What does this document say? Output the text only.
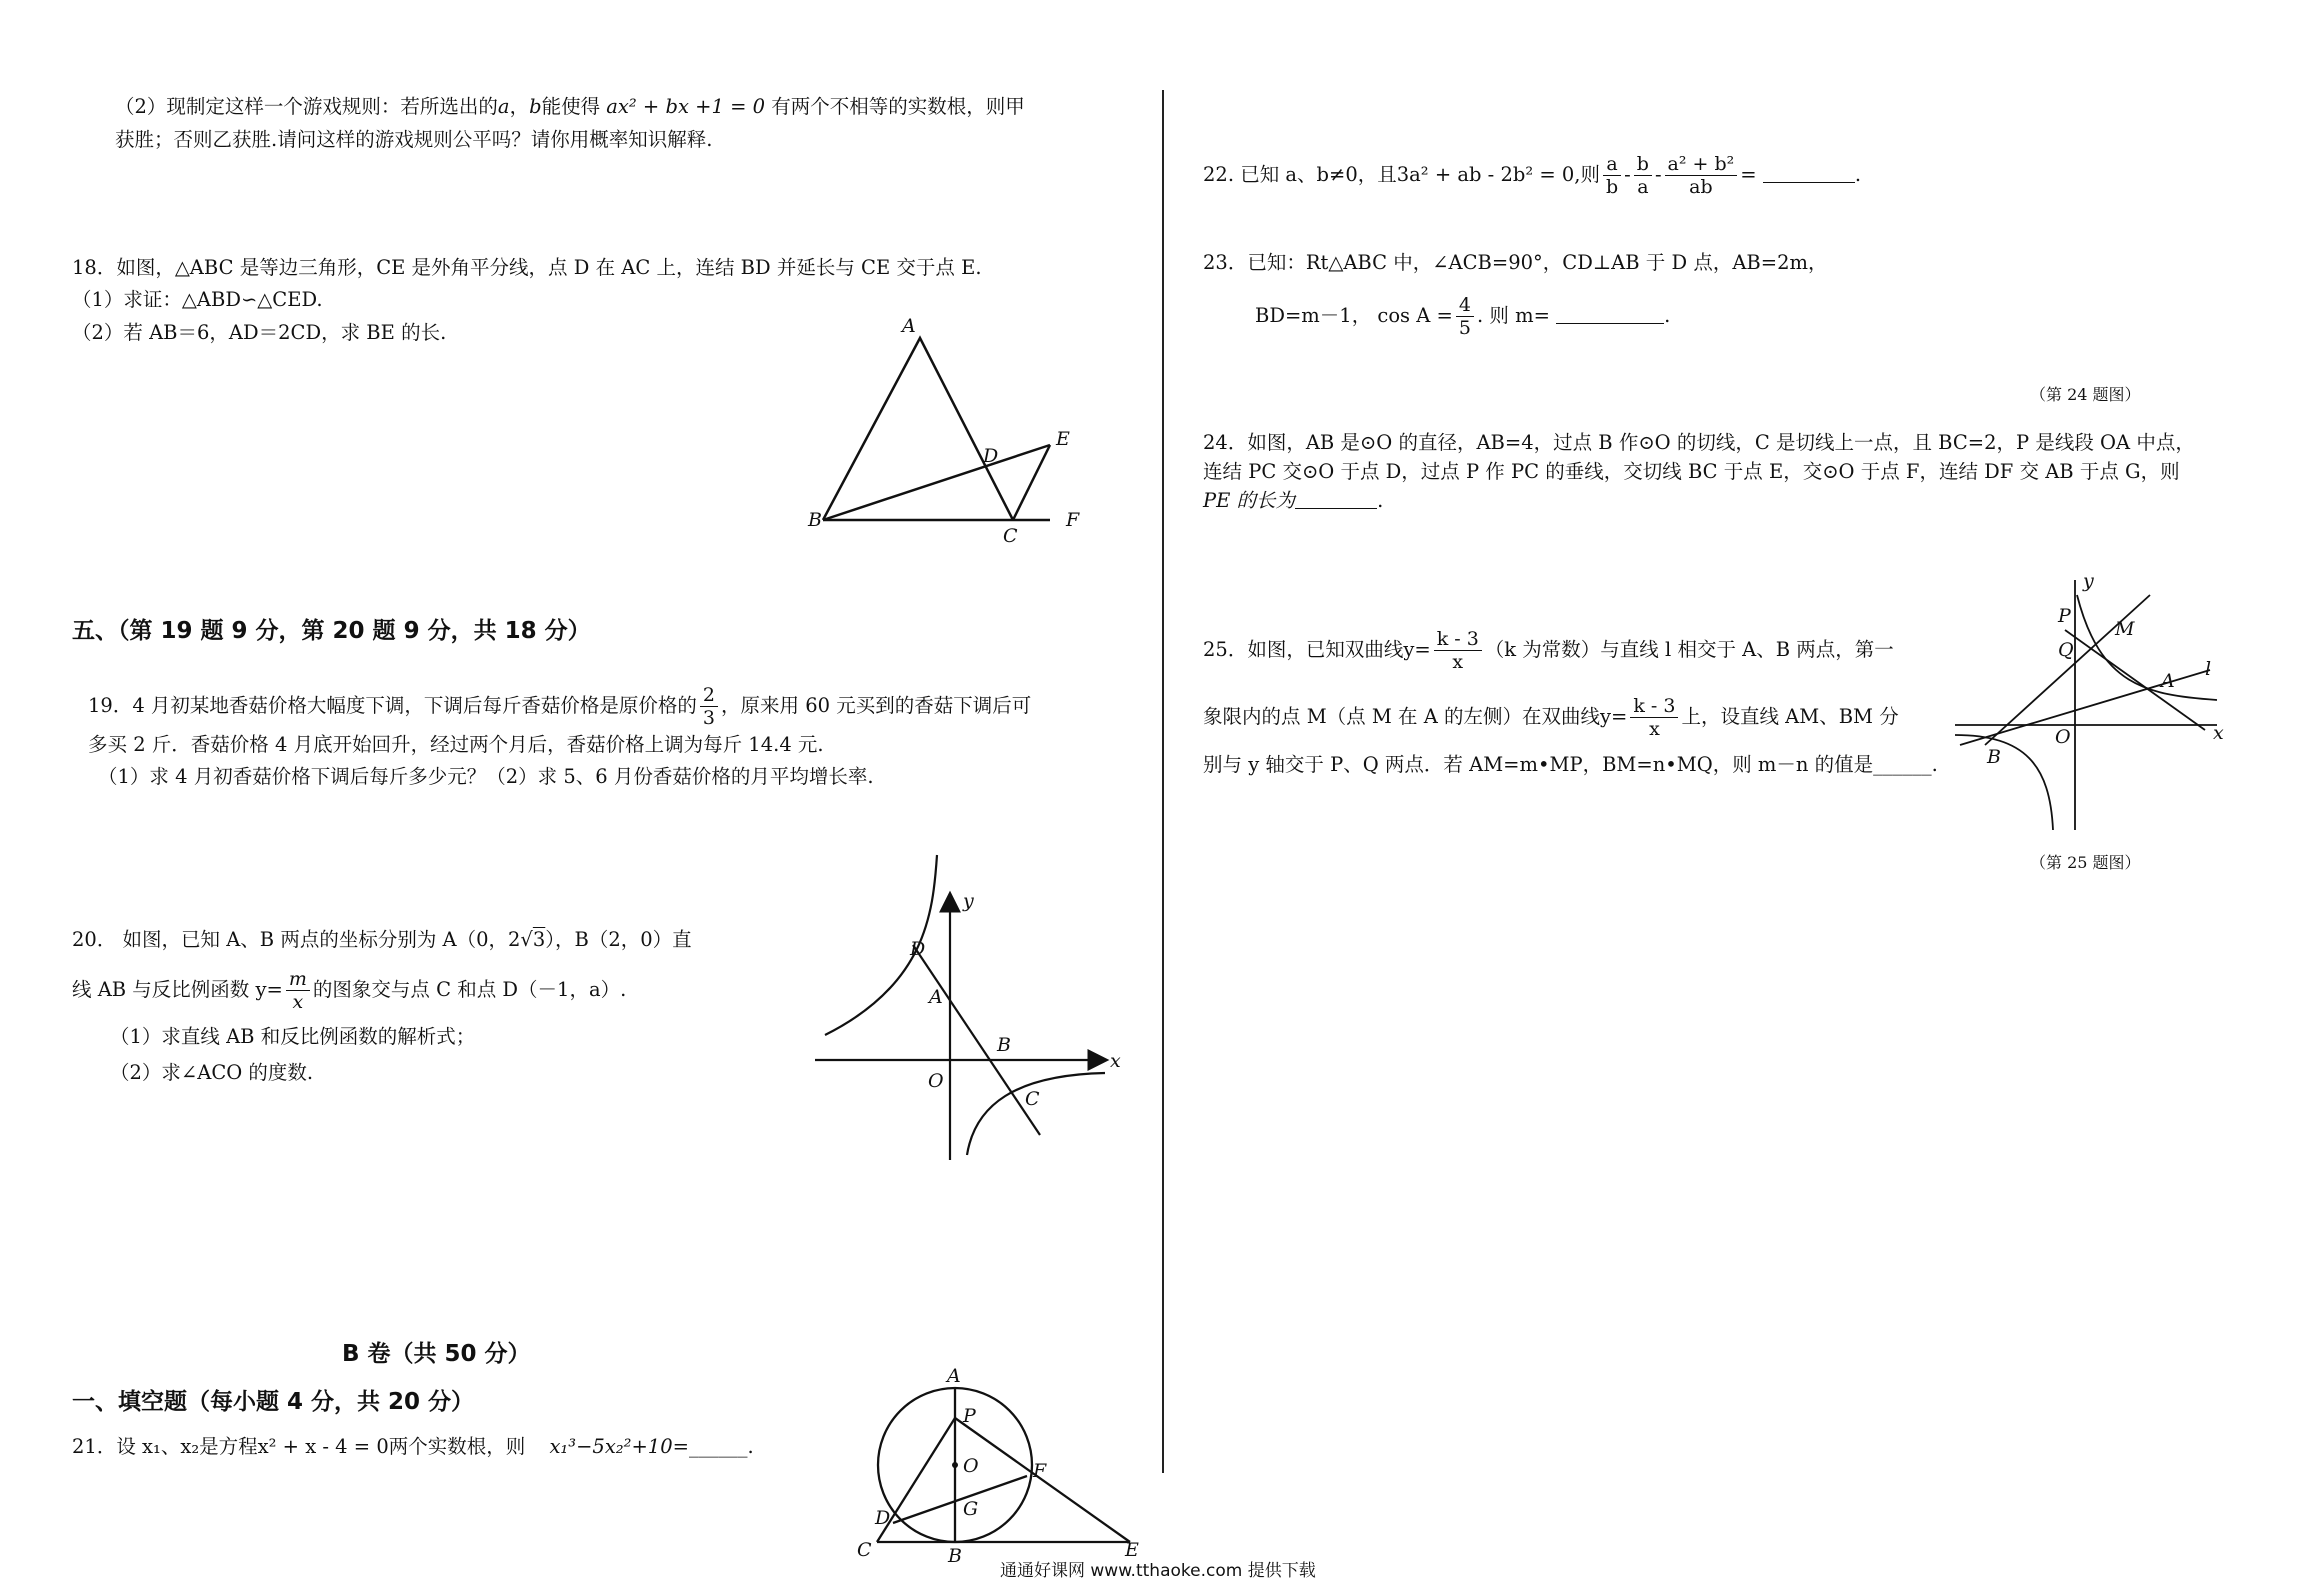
（2）现制定这样一个游戏规则：若所选出的a，b能使得 ax² + bx +1 = 0 有两个不相等的实数根，则甲
获胜；否则乙获胜.请问这样的游戏规则公平吗？请你用概率知识解释.
18．如图，△ABC 是等边三角形，CE 是外角平分线，点 D 在 AC 上，连结 BD 并延长与 CE 交于点 E.
（1）求证：△ABD∽△CED.
（2）若 AB＝6，AD＝2CD，求 BE 的长.	A
B
C
D
E
F
五、（第 19 题 9 分，第 20 题 9 分，共 18 分）
19．4 月初某地香菇价格大幅度下调，下调后每斤香菇价格是原价格的 $\frac{2}{3}$ ，原来用 60 元买到的香菇下调后可
多买 2 斤．香菇价格 4 月底开始回升，经过两个月后，香菇价格上调为每斤 14.4 元.
（1）求 4 月初香菇价格下调后每斤多少元？（2）求 5、6 月份香菇价格的月平均增长率.
20． 如图，已知 A、B 两点的坐标分别为 A（0，2√3），B（2，0）直
线 AB 与反比例函数 $y= \frac{m}{x}$ 的图象交与点 C 和点 D（－1，a）.
（1）求直线 AB 和反比例函数的解析式；
（2）求∠ACO 的度数.
y
x
O
A
B
C
D
B 卷（共 50 分）
一、填空题（每小题 4 分，共 20 分）
21．设 x₁、x₂是方程x² + x - 4 = 0两个实数根，则 x₁³−5x₂²+10=______.
A
P
O	F
G
D
C	B	E
22. 已知 a、b≠0，且3a² + ab - 2b² = 0,则 $\frac{a}{b} - \frac{b}{a} - \frac{\text{a² + b²}}{ab}$ =	.
23．已知：Rt△ABC 中，∠ACB=90°，CD⊥AB 于 D 点，AB=2m，
BD=m－1， $\cos A = \frac{4}{5}$ . 则 m=	.
（第 24 题图）
24．如图，AB 是⊙O 的直径，AB=4，过点 B 作⊙O 的切线，C 是切线上一点，且 BC=2，P 是线段 OA 中点，
连结 PC 交⊙O 于点 D，过点 P 作 PC 的垂线，交切线 BC 于点 E，交⊙O 于点 F，连结 DF 交 AB 于点 G，则
PE 的长为	.
25．如图，已知双曲线$y= \frac{k - 3}{x} (k$ 为常数）与直线 l 相交于 A、B 两点，第一
象限内的点 M（点 M 在 A 的左侧）在双曲线$y= \frac{k - 3}{x}$ 上，设直线 AM、BM 分
别与 y 轴交于 P、Q 两点．若 AM=m•MP，BM=n•MQ，则 m－n 的值是______.
y
x
O
P
Q
M
A
B
l
（第 25 题图）
通通好课网 www.tthaoke.com 提供下载
